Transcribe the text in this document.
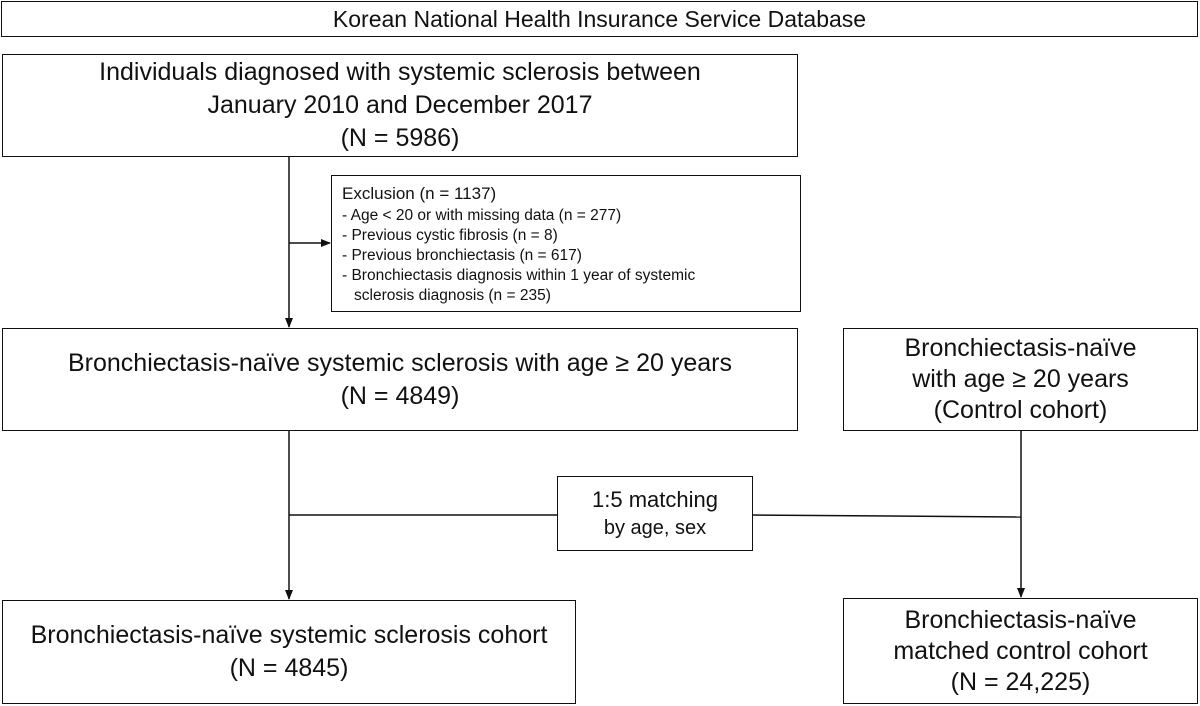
Korean National Health Insurance Service Database
Individuals diagnosed with systemic sclerosis between
January 2010 and December 2017
(N = 5986)
Exclusion (n = 1137)
- Age < 20 or with missing data (n = 277)
- Previous cystic fibrosis (n = 8)
- Previous bronchiectasis (n = 617)
- Bronchiectasis diagnosis within 1 year of systemic
sclerosis diagnosis (n = 235)
Bronchiectasis-naïve systemic sclerosis with age ≥ 20 years
(N = 4849)
Bronchiectasis-naïve
with age ≥ 20 years
(Control cohort)
1:5 matching
by age, sex
Bronchiectasis-naïve systemic sclerosis cohort
(N = 4845)
Bronchiectasis-naïve
matched control cohort
(N = 24,225)
